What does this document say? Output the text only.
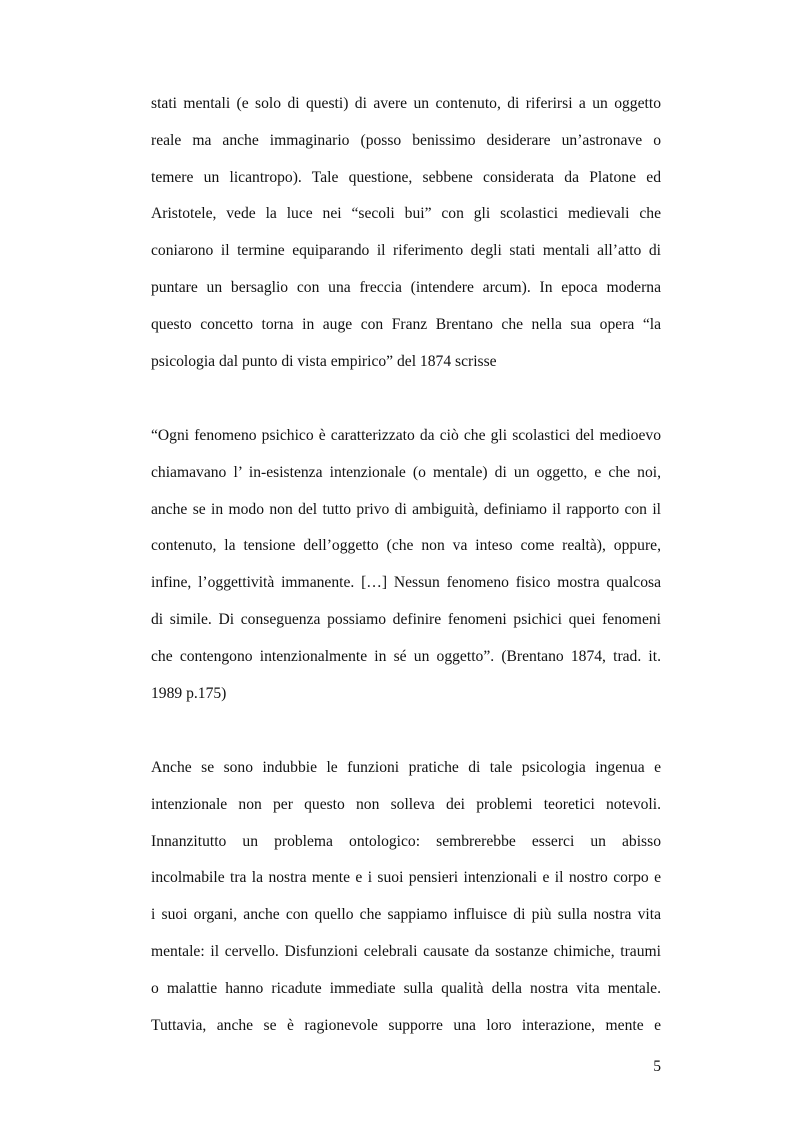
stati mentali (e solo di questi) di avere un contenuto, di riferirsi a un oggetto
reale ma anche immaginario (posso benissimo desiderare un’astronave o
temere un licantropo). Tale questione, sebbene considerata da Platone ed
Aristotele, vede la luce nei “secoli bui” con gli scolastici medievali che
coniarono il termine equiparando il riferimento degli stati mentali all’atto di
puntare un bersaglio con una freccia (intendere arcum). In epoca moderna
questo concetto torna in auge con Franz Brentano che nella sua opera “la
psicologia dal punto di vista empirico” del 1874 scrisse
“Ogni fenomeno psichico è caratterizzato da ciò che gli scolastici del medioevo
chiamavano l’ in-esistenza intenzionale (o mentale) di un oggetto, e che noi,
anche se in modo non del tutto privo di ambiguità, definiamo il rapporto con il
contenuto, la tensione dell’oggetto (che non va inteso come realtà), oppure,
infine, l’oggettività immanente. […] Nessun fenomeno fisico mostra qualcosa
di simile. Di conseguenza possiamo definire fenomeni psichici quei fenomeni
che contengono intenzionalmente in sé un oggetto”. (Brentano 1874, trad. it.
1989 p.175)
Anche se sono indubbie le funzioni pratiche di tale psicologia ingenua e
intenzionale non per questo non solleva dei problemi teoretici notevoli.
Innanzitutto un problema ontologico: sembrerebbe esserci un abisso
incolmabile tra la nostra mente e i suoi pensieri intenzionali e il nostro corpo e
i suoi organi, anche con quello che sappiamo influisce di più sulla nostra vita
mentale: il cervello. Disfunzioni celebrali causate da sostanze chimiche, traumi
o malattie hanno ricadute immediate sulla qualità della nostra vita mentale.
Tuttavia, anche se è ragionevole supporre una loro interazione, mente e
5
